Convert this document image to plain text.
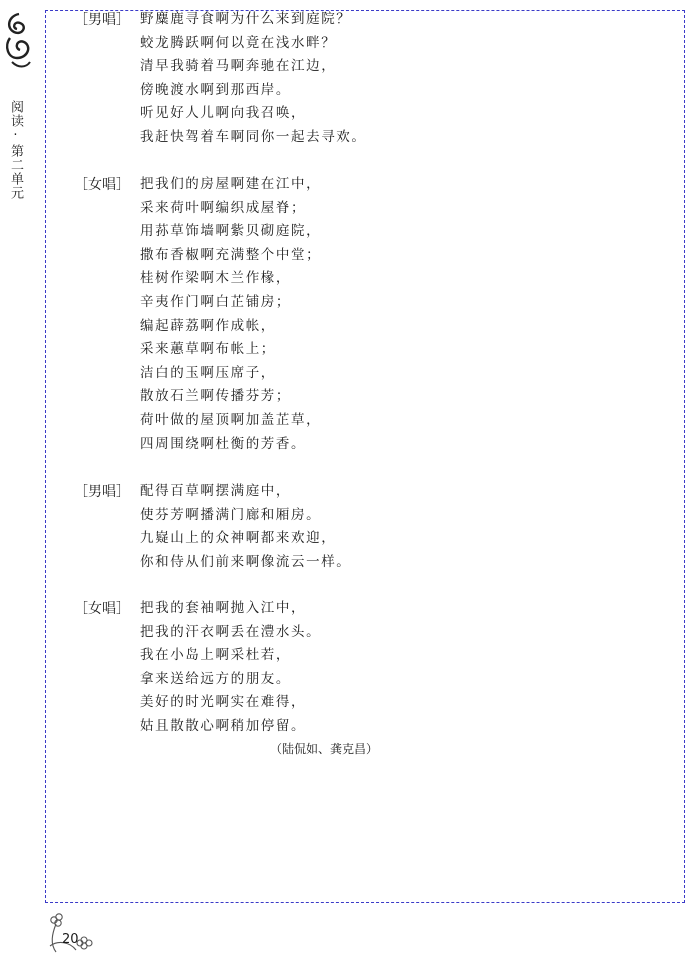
阅读·第二单元
［男唱］ 野麋鹿寻食啊为什么来到庭院？
蛟龙腾跃啊何以竟在浅水畔？
清早我骑着马啊奔驰在江边，
傍晚渡水啊到那西岸。
听见好人儿啊向我召唤，
我赶快驾着车啊同你一起去寻欢。
［女唱］ 把我们的房屋啊建在江中，
采来荷叶啊编织成屋脊；
用荪草饰墙啊紫贝砌庭院，
撒布香椒啊充满整个中堂；
桂树作梁啊木兰作椽，
辛夷作门啊白芷铺房；
编起薜荔啊作成帐，
采来蕙草啊布帐上；
洁白的玉啊压席子，
散放石兰啊传播芬芳；
荷叶做的屋顶啊加盖芷草，
四周围绕啊杜衡的芳香。
［男唱］ 配得百草啊摆满庭中，
使芬芳啊播满门廊和厢房。
九嶷山上的众神啊都来欢迎，
你和侍从们前来啊像流云一样。
［女唱］ 把我的套袖啊抛入江中，
把我的汗衣啊丢在澧水头。
我在小岛上啊采杜若，
拿来送给远方的朋友。
美好的时光啊实在难得，
姑且散散心啊稍加停留。
（陆侃如、龚克昌）
20
